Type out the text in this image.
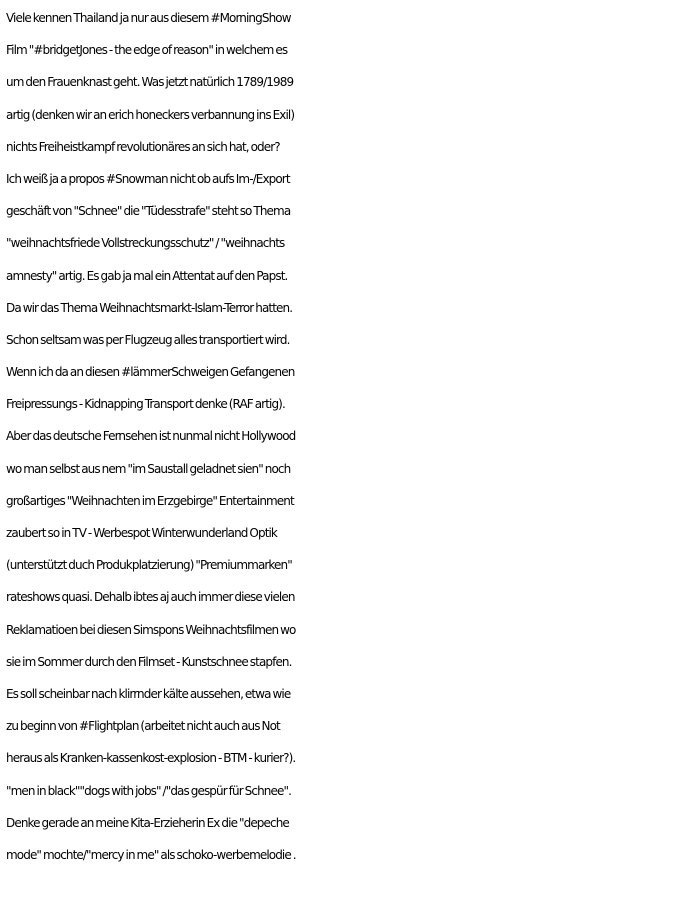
Viele kennen Thailand ja nur aus diesem #MorningShow
Film "#bridgetJones - the edge of reason" in welchem es
um den Frauenknast geht. Was jetzt natürlich 1789/1989
artig (denken wir an erich honeckers verbannung ins Exil)
nichts Freiheistkampf revolutionäres an sich hat, oder?
Ich weiß ja a propos #Snowman nicht ob aufs Im-/Export
geschäft von "Schnee" die "Tüdesstrafe" steht so Thema
"weihnachtsfriede Vollstreckungsschutz" / "weihnachts
amnesty" artig. Es gab ja mal ein Attentat auf den Papst.
Da wir das Thema Weihnachtsmarkt-Islam-Terror hatten.
Schon seltsam was per Flugzeug alles transportiert wird.
Wenn ich da an diesen #lämmerSchweigen Gefangenen
Freipressungs - Kidnapping Transport denke (RAF artig).
Aber das deutsche Fernsehen ist nunmal nicht Hollywood
wo man selbst aus nem "im Saustall geladnet sien" noch
großartiges "Weihnachten im Erzgebirge" Entertainment
zaubert so in TV - Werbespot Winterwunderland Optik
(unterstützt duch Produkplatzierung) "Premiummarken"
rateshows quasi. Dehalb ibtes aj auch immer diese vielen
Reklamatioen bei diesen Simspons Weihnachtsfilmen wo
sie im Sommer durch den Filmset - Kunstschnee stapfen.
Es soll scheinbar nach klirrnder kälte aussehen, etwa wie
zu beginn von #Flightplan (arbeitet nicht auch aus Not
heraus als Kranken-kassenkost-explosion - BTM - kurier?).
"men in black""dogs with jobs" /"das gespür für Schnee".
Denke gerade an meine Kita-Erzieherin Ex die "depeche
mode" mochte/"mercy in me" als schoko-werbemelodie .
